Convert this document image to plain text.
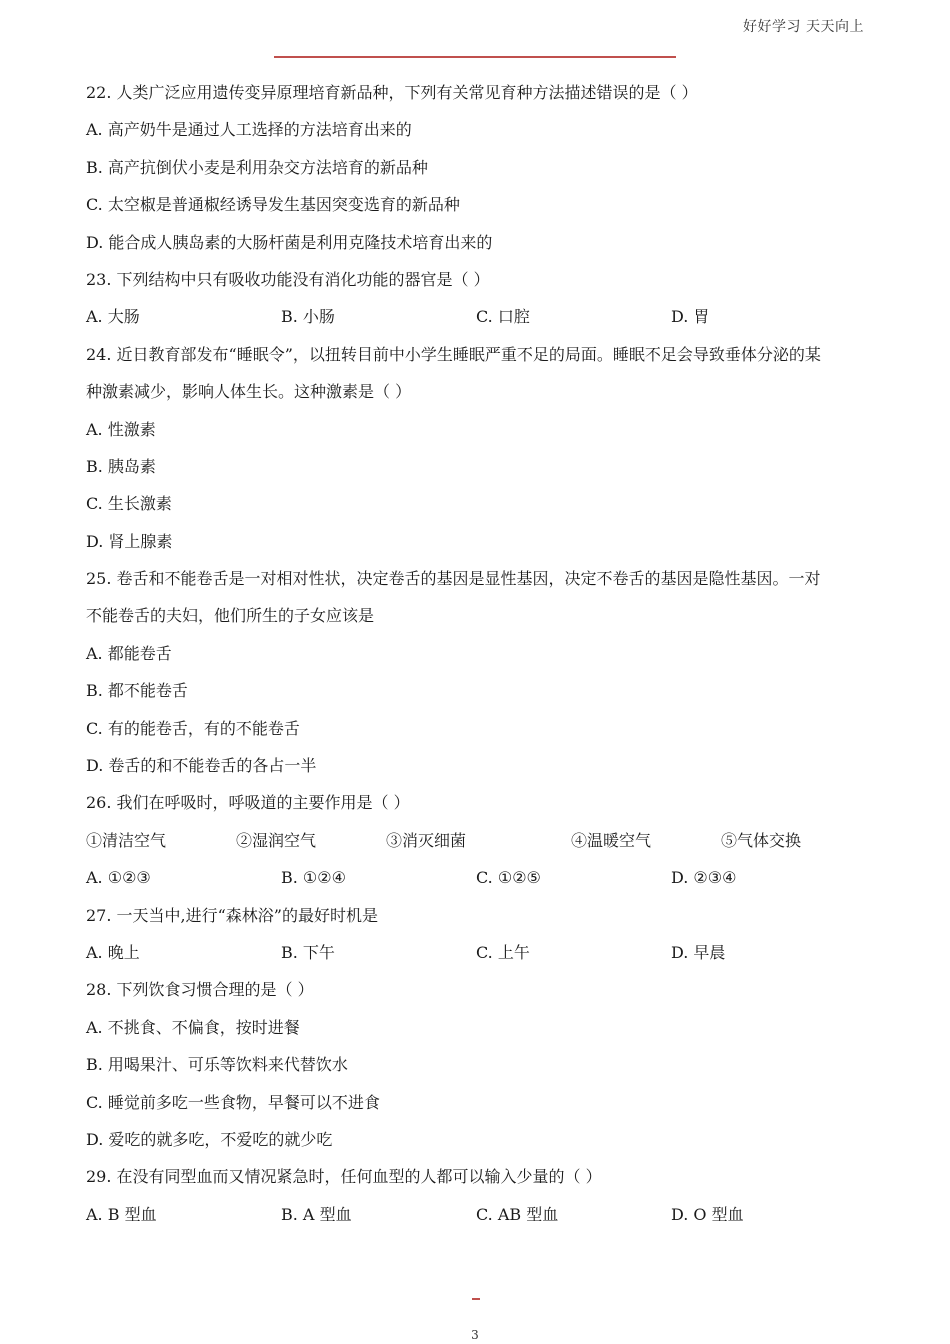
好好学习 天天向上
22. 人类广泛应用遗传变异原理培育新品种，下列有关常见育种方法描述错误的是（ ）
A. 高产奶牛是通过人工选择的方法培育出来的
B. 高产抗倒伏小麦是利用杂交方法培育的新品种
C. 太空椒是普通椒经诱导发生基因突变选育的新品种
D. 能合成人胰岛素的大肠杆菌是利用克隆技术培育出来的
23. 下列结构中只有吸收功能没有消化功能的器官是（ ）
A. 大肠	B. 小肠	C. 口腔	D. 胃
24. 近日教育部发布“睡眠令”，以扭转目前中小学生睡眠严重不足的局面。睡眠不足会导致垂体分泌的某
种激素减少，影响人体生长。这种激素是（ ）
A. 性激素
B. 胰岛素
C. 生长激素
D. 肾上腺素
25. 卷舌和不能卷舌是一对相对性状，决定卷舌的基因是显性基因，决定不卷舌的基因是隐性基因。一对
不能卷舌的夫妇，他们所生的子女应该是
A. 都能卷舌
B. 都不能卷舌
C. 有的能卷舌，有的不能卷舌
D. 卷舌的和不能卷舌的各占一半
26. 我们在呼吸时，呼吸道的主要作用是（ ）
①清洁空气	②湿润空气	③消灭细菌	④温暖空气	⑤气体交换
A. ①②③	B. ①②④	C. ①②⑤	D. ②③④
27. 一天当中,进行“森林浴”的最好时机是
A. 晚上	B. 下午	C. 上午	D. 早晨
28. 下列饮食习惯合理的是（ ）
A. 不挑食、不偏食，按时进餐
B. 用喝果汁、可乐等饮料来代替饮水
C. 睡觉前多吃一些食物，早餐可以不进食
D. 爱吃的就多吃，不爱吃的就少吃
29. 在没有同型血而又情况紧急时，任何血型的人都可以输入少量的（ ）
A. B 型血	B. A 型血	C. AB 型血	D. O 型血
3
